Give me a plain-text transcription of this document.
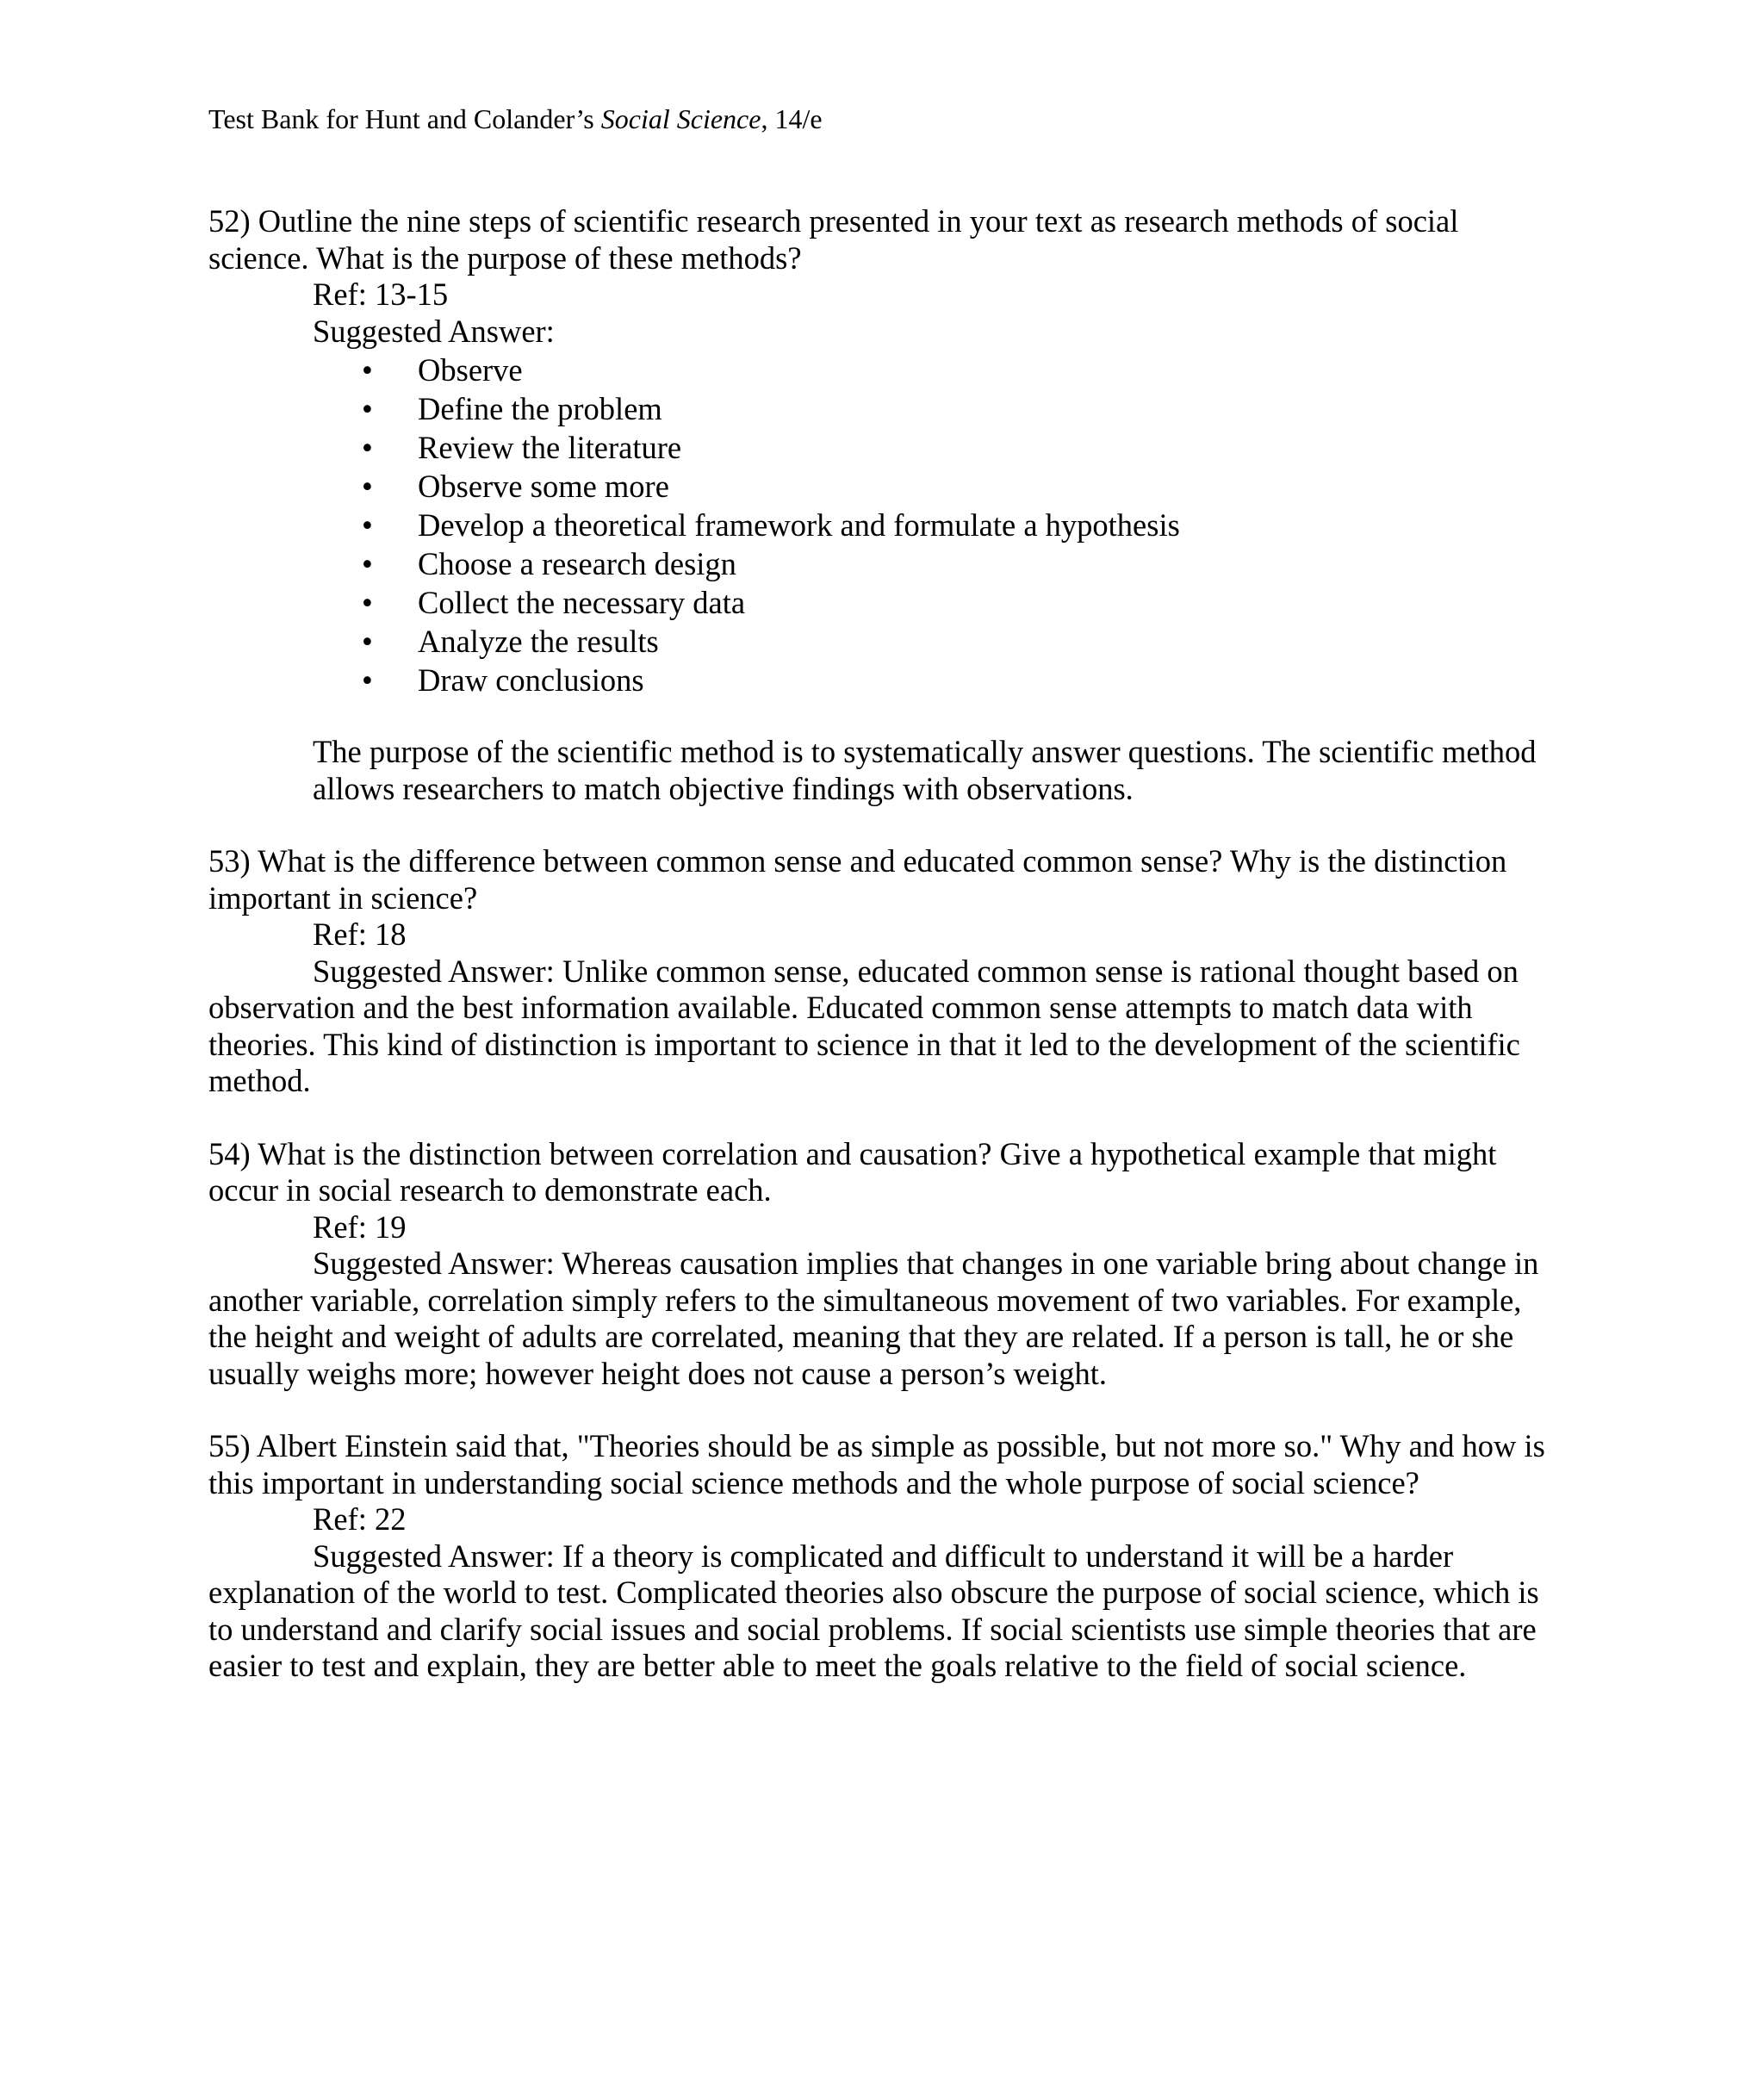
Test Bank for Hunt and Colander’s Social Science, 14/e

52) Outline the nine steps of scientific research presented in your text as research methods of social science. What is the purpose of these methods?

Ref: 13-15

Suggested Answer:

• Observe
• Define the problem
• Review the literature
• Observe some more
• Develop a theoretical framework and formulate a hypothesis
• Choose a research design
• Collect the necessary data
• Analyze the results
• Draw conclusions

The purpose of the scientific method is to systematically answer questions. The scientific method allows researchers to match objective findings with observations.

53) What is the difference between common sense and educated common sense? Why is the distinction important in science?

Ref: 18

Suggested Answer: Unlike common sense, educated common sense is rational thought based on observation and the best information available. Educated common sense attempts to match data with theories. This kind of distinction is important to science in that it led to the development of the scientific method.

54) What is the distinction between correlation and causation? Give a hypothetical example that might occur in social research to demonstrate each.

Ref: 19

Suggested Answer: Whereas causation implies that changes in one variable bring about change in another variable, correlation simply refers to the simultaneous movement of two variables. For example, the height and weight of adults are correlated, meaning that they are related. If a person is tall, he or she usually weighs more; however height does not cause a person’s weight.

55) Albert Einstein said that, "Theories should be as simple as possible, but not more so." Why and how is this important in understanding social science methods and the whole purpose of social science?

Ref: 22

Suggested Answer: If a theory is complicated and difficult to understand it will be a harder explanation of the world to test. Complicated theories also obscure the purpose of social science, which is to understand and clarify social issues and social problems. If social scientists use simple theories that are easier to test and explain, they are better able to meet the goals relative to the field of social science.
